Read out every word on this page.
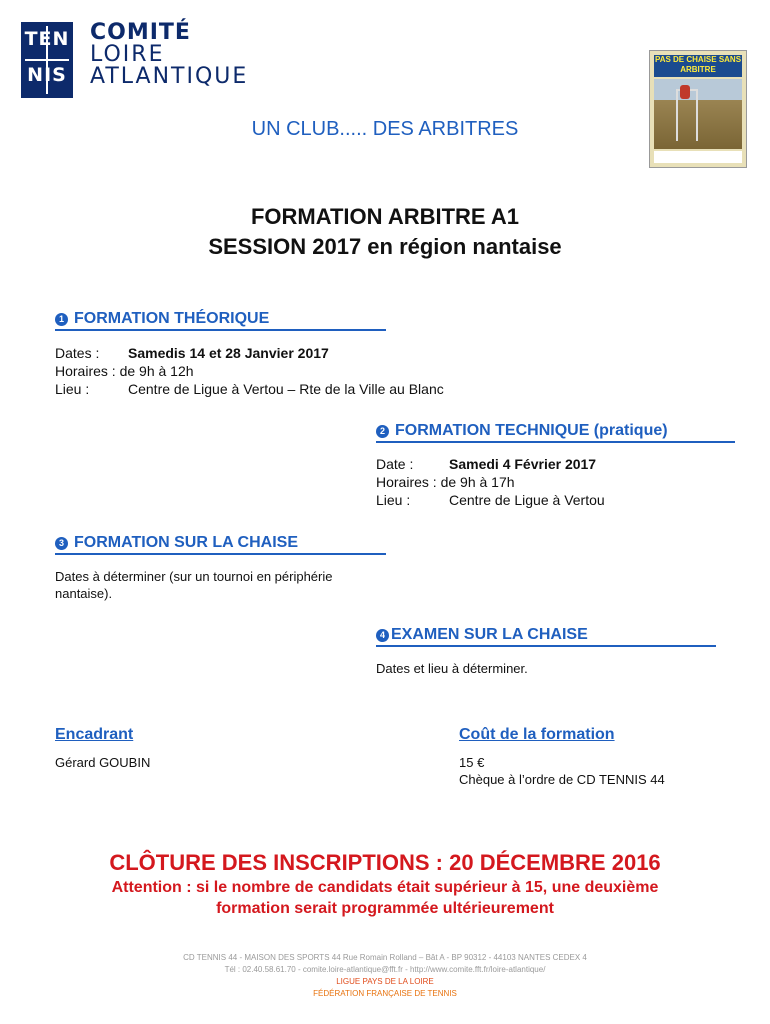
TEN
NIS
COMITÉ
LOIRE
ATLANTIQUE
PAS DE CHAISE SANS ARBITRE
UN CLUB..... DES ARBITRES
FORMATION ARBITRE A1
SESSION 2017 en région nantaise
1 FORMATION THÉORIQUE
Dates : Samedis 14 et 28 Janvier 2017
Horaires : de 9h à 12h
Lieu :	Centre de Ligue à Vertou – Rte de la Ville au Blanc
2 FORMATION TECHNIQUE (pratique)
Date :	Samedi 4 Février 2017
Horaires : de 9h à 17h
Lieu :	Centre de Ligue à Vertou
3 FORMATION SUR LA CHAISE
Dates à déterminer (sur un tournoi en périphérie
nantaise).
4 EXAMEN SUR LA CHAISE
Dates et lieu à déterminer.
Encadrant
Gérard GOUBIN
Coût de la formation
15 €
Chèque à l’ordre de CD TENNIS 44
CLÔTURE DES INSCRIPTIONS : 20 DÉCEMBRE 2016
Attention : si le nombre de candidats était supérieur à 15, une deuxième
formation serait programmée ultérieurement
CD TENNIS 44 - MAISON DES SPORTS 44 Rue Romain Rolland – Bât A - BP 90312 - 44103 NANTES CEDEX 4
Tél : 02.40.58.61.70 - comite.loire-atlantique@fft.fr - http://www.comite.fft.fr/loire-atlantique/
LIGUE PAYS DE LA LOIRE
FÉDÉRATION FRANÇAISE DE TENNIS
